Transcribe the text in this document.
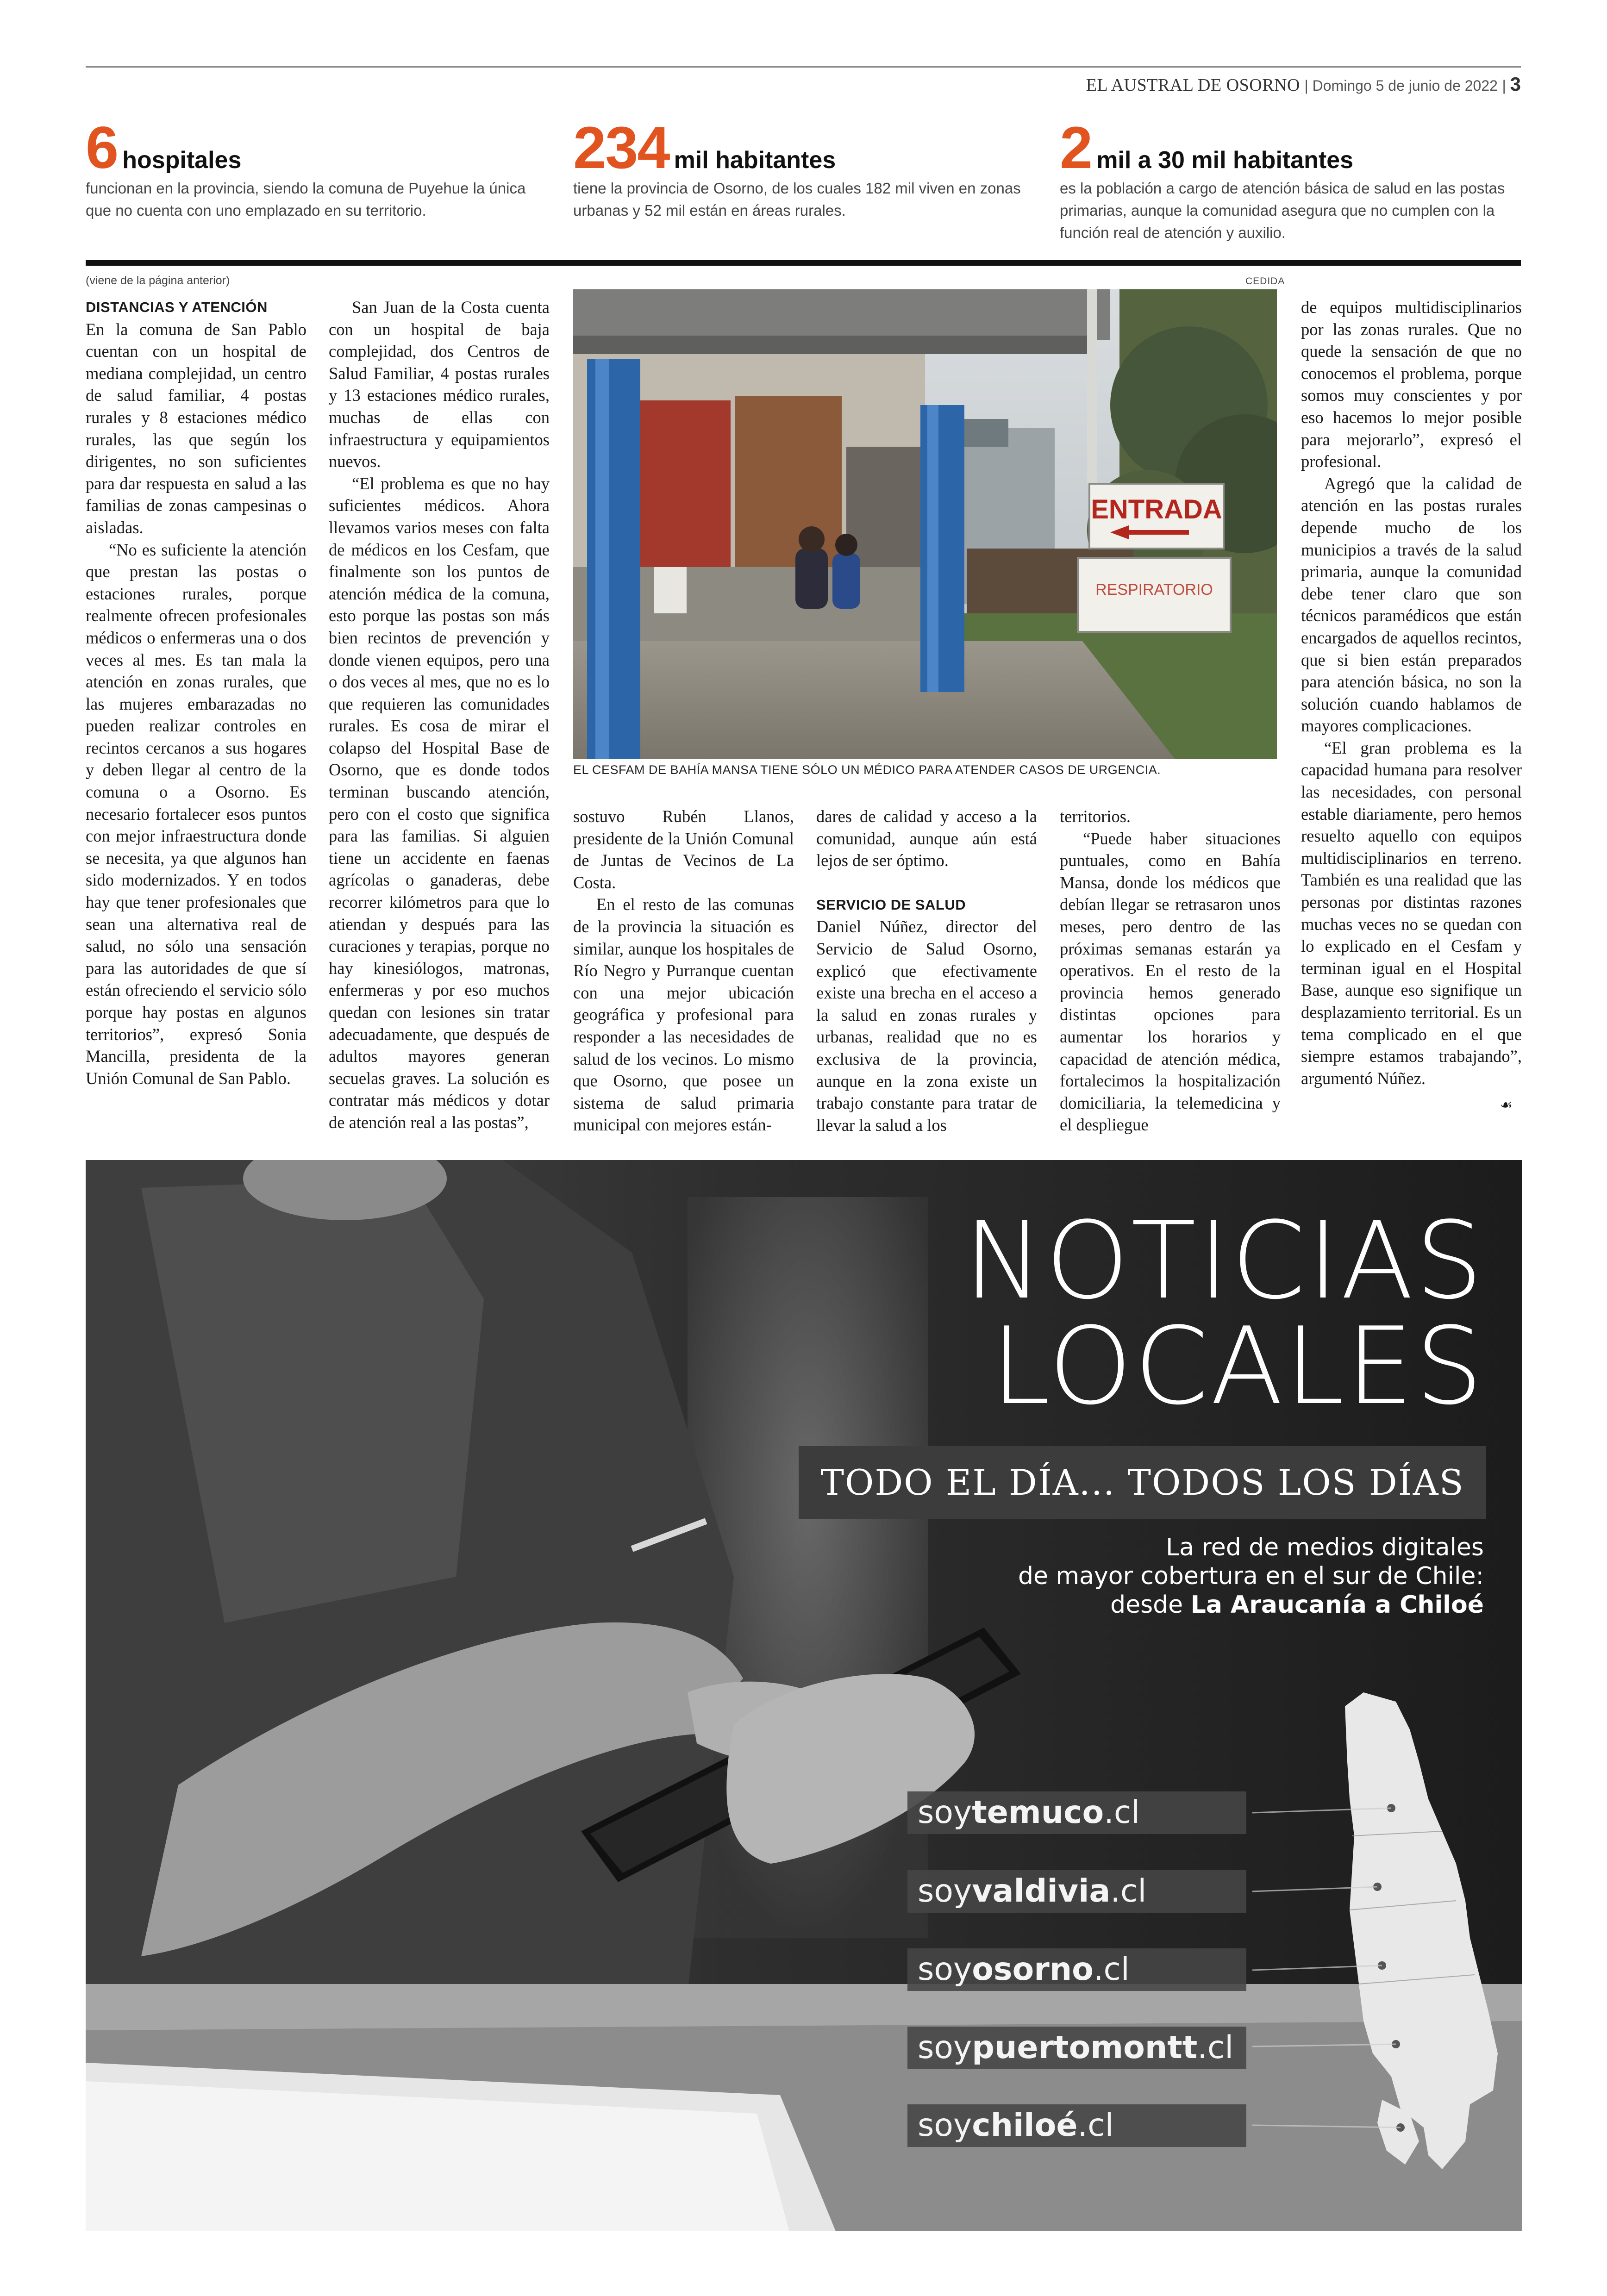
EL AUSTRAL DE OSORNO | Domingo 5 de junio de 2022 | 3
6 hospitales
funcionan en la provincia, siendo la comuna de Puyehue la única que no cuenta con uno emplazado en su territorio.
234 mil habitantes
tiene la provincia de Osorno, de los cuales 182 mil viven en zonas urbanas y 52 mil están en áreas rurales.
2 mil a 30 mil habitantes
es la población a cargo de atención básica de salud en las postas primarias, aunque la comunidad asegura que no cumplen con la función real de atención y auxilio.
(viene de la página anterior)

DISTANCIAS Y ATENCIÓN

En la comuna de San Pablo cuentan con un hospital de mediana complejidad, un centro de salud familiar, 4 postas rurales y 8 estaciones médico rurales, las que según los dirigentes, no son suficientes para dar respuesta en salud a las familias de zonas campesinas o aisladas.

“No es suficiente la atención que prestan las postas o estaciones rurales, porque realmente ofrecen profesionales médicos o enfermeras una o dos veces al mes. Es tan mala la atención en zonas rurales, que las mujeres embarazadas no pueden realizar controles en recintos cercanos a sus hogares y deben llegar al centro de la comuna o a Osorno. Es necesario fortalecer esos puntos con mejor infraestructura donde se necesita, ya que algunos han sido modernizados. Y en todos hay que tener profesionales que sean una alternativa real de salud, no sólo una sensación para las autoridades de que sí están ofreciendo el servicio sólo porque hay postas en algunos territorios”, expresó Sonia Mancilla, presidenta de la Unión Comunal de San Pablo.

San Juan de la Costa cuenta con un hospital de baja complejidad, dos Centros de Salud Familiar, 4 postas rurales y 13 estaciones médico rurales, muchas de ellas con infraestructura y equipamientos nuevos.

“El problema es que no hay suficientes médicos. Ahora llevamos varios meses con falta de médicos en los Cesfam, que finalmente son los puntos de atención médica de la comuna, esto porque las postas son más bien recintos de prevención y donde vienen equipos, pero una o dos veces al mes, que no es lo que requieren las comunidades rurales. Es cosa de mirar el colapso del Hospital Base de Osorno, que es donde todos terminan buscando atención, pero con el costo que significa para las familias. Si alguien tiene un accidente en faenas agrícolas o ganaderas, debe recorrer kilómetros para que lo atiendan y después para las curaciones y terapias, porque no hay kinesiólogos, matronas, enfermeras y por eso muchos quedan con lesiones sin tratar adecuadamente, que después de adultos mayores generan secuelas graves. La solución es contratar más médicos y dotar de atención real a las postas”,

CEDIDA
ENTRADA
RESPIRATORIO
EL CESFAM DE BAHÍA MANSA TIENE SÓLO UN MÉDICO PARA ATENDER CASOS DE URGENCIA.

sostuvo Rubén Llanos, presidente de la Unión Comunal de Juntas de Vecinos de La Costa.

En el resto de las comunas de la provincia la situación es similar, aunque los hospitales de Río Negro y Purranque cuentan con una mejor ubicación geográfica y profesional para responder a las necesidades de salud de los vecinos. Lo mismo que Osorno, que posee un sistema de salud primaria municipal con mejores están-

dares de calidad y acceso a la comunidad, aunque aún está lejos de ser óptimo.

SERVICIO DE SALUD

Daniel Núñez, director del Servicio de Salud Osorno, explicó que efectivamente existe una brecha en el acceso a la salud en zonas rurales y urbanas, realidad que no es exclusiva de la provincia, aunque en la zona existe un trabajo constante para tratar de llevar la salud a los

territorios.

“Puede haber situaciones puntuales, como en Bahía Mansa, donde los médicos que debían llegar se retrasaron unos meses, pero dentro de las próximas semanas estarán ya operativos. En el resto de la provincia hemos generado distintas opciones para aumentar los horarios y capacidad de atención médica, fortalecimos la hospitalización domiciliaria, la telemedicina y el despliegue

de equipos multidisciplinarios por las zonas rurales. Que no quede la sensación de que no conocemos el problema, porque somos muy conscientes y por eso hacemos lo mejor posible para mejorarlo”, expresó el profesional.

Agregó que la calidad de atención en las postas rurales depende mucho de los municipios a través de la salud primaria, aunque la comunidad debe tener claro que son técnicos paramédicos que están encargados de aquellos recintos, que si bien están preparados para atención básica, no son la solución cuando hablamos de mayores complicaciones.

“El gran problema es la capacidad humana para resolver las necesidades, con personal estable diariamente, pero hemos resuelto aquello con equipos multidisciplinarios en terreno. También es una realidad que las personas por distintas razones muchas veces no se quedan con lo explicado en el Cesfam y terminan igual en el Hospital Base, aunque eso signifique un desplazamiento territorial. Es un tema complicado en el que siempre estamos trabajando”, argumentó Núñez.

☙
NOTICIAS
LOCALES
TODO EL DÍA... TODOS LOS DÍAS
La red de medios digitales
de mayor cobertura en el sur de Chile:
desde La Araucanía a Chiloé
soytemuco.cl
soyvaldivia.cl
soyosorno.cl
soypuertomontt.cl
soychiloé.cl
